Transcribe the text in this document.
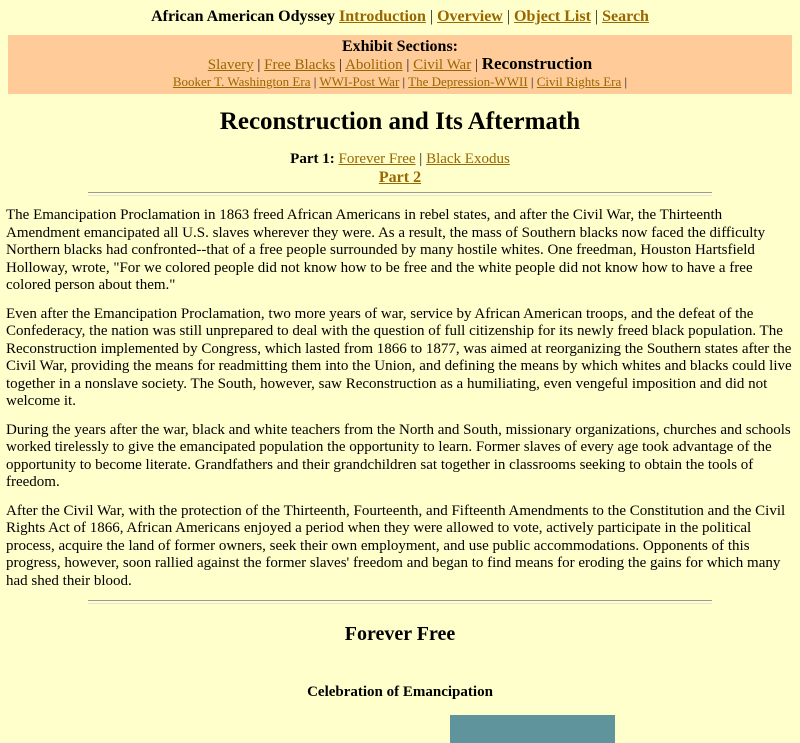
African American Odyssey Introduction | Overview | Object List | Search
Exhibit Sections:
Slavery | Free Blacks | Abolition | Civil War | Reconstruction
Booker T. Washington Era | WWI-Post War | The Depression-WWII | Civil Rights Era |
Reconstruction and Its Aftermath
Part 1: Forever Free | Black Exodus
Part 2

The Emancipation Proclamation in 1863 freed African Americans in rebel states, and after the Civil War, the Thirteenth Amendment emancipated all U.S. slaves wherever they were. As a result, the mass of Southern blacks now faced the difficulty Northern blacks had confronted--that of a free people surrounded by many hostile whites. One freedman, Houston Hartsfield Holloway, wrote, "For we colored people did not know how to be free and the white people did not know how to have a free colored person about them."

Even after the Emancipation Proclamation, two more years of war, service by African American troops, and the defeat of the Confederacy, the nation was still unprepared to deal with the question of full citizenship for its newly freed black population. The Reconstruction implemented by Congress, which lasted from 1866 to 1877, was aimed at reorganizing the Southern states after the Civil War, providing the means for readmitting them into the Union, and defining the means by which whites and blacks could live together in a nonslave society. The South, however, saw Reconstruction as a humiliating, even vengeful imposition and did not welcome it.

During the years after the war, black and white teachers from the North and South, missionary organizations, churches and schools worked tirelessly to give the emancipated population the opportunity to learn. Former slaves of every age took advantage of the opportunity to become literate. Grandfathers and their grandchildren sat together in classrooms seeking to obtain the tools of freedom.

After the Civil War, with the protection of the Thirteenth, Fourteenth, and Fifteenth Amendments to the Constitution and the Civil Rights Act of 1866, African Americans enjoyed a period when they were allowed to vote, actively participate in the political process, acquire the land of former owners, seek their own employment, and use public accommodations. Opponents of this progress, however, soon rallied against the former slaves' freedom and began to find means for eroding the gains for which many had shed their blood.

Forever Free
Celebration of Emancipation
